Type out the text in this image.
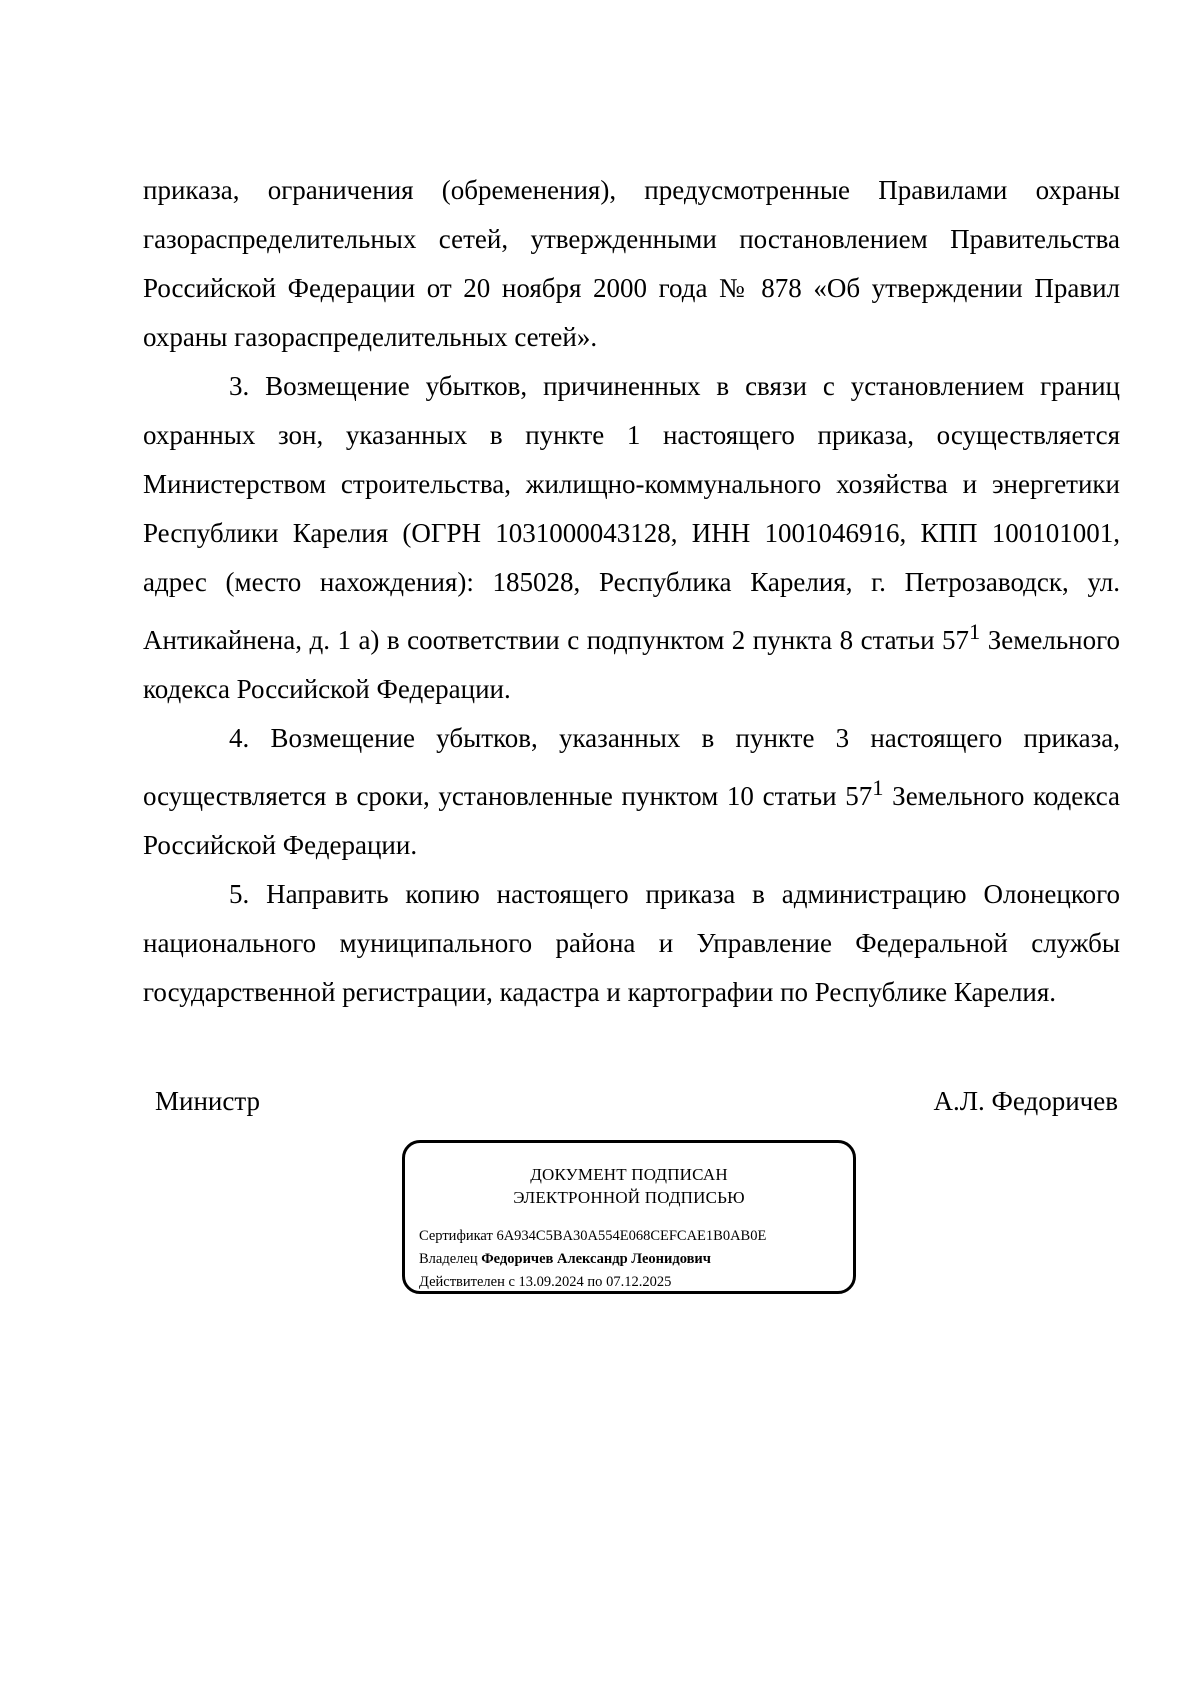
приказа, ограничения (обременения), предусмотренные Правилами охраны газораспределительных сетей, утвержденными постановлением Правительства Российской Федерации от 20 ноября 2000 года № 878 «Об утверждении Правил охраны газораспределительных сетей».

3. Возмещение убытков, причиненных в связи с установлением границ охранных зон, указанных в пункте 1 настоящего приказа, осуществляется Министерством строительства, жилищно-коммунального хозяйства и энергетики Республики Карелия (ОГРН 1031000043128, ИНН 1001046916, КПП 100101001, адрес (место нахождения): 185028, Республика Карелия, г. Петрозаводск, ул. Антикайнена, д. 1 а) в соответствии с подпунктом 2 пункта 8 статьи $57^1$ Земельного кодекса Российской Федерации.

4. Возмещение убытков, указанных в пункте 3 настоящего приказа, осуществляется в сроки, установленные пунктом 10 статьи $57^1$ Земельного кодекса Российской Федерации.

5. Направить копию настоящего приказа в администрацию Олонецкого национального муниципального района и Управление Федеральной службы государственной регистрации, кадастра и картографии по Республике Карелия.

Министр	А.Л. Федоричев
ДОКУМЕНТ ПОДПИСАН
ЭЛЕКТРОННОЙ ПОДПИСЬЮ
Сертификат 6A934C5BA30A554E068CEFCAE1B0AB0E
Владелец Федоричев Александр Леонидович
Действителен с 13.09.2024 по 07.12.2025
